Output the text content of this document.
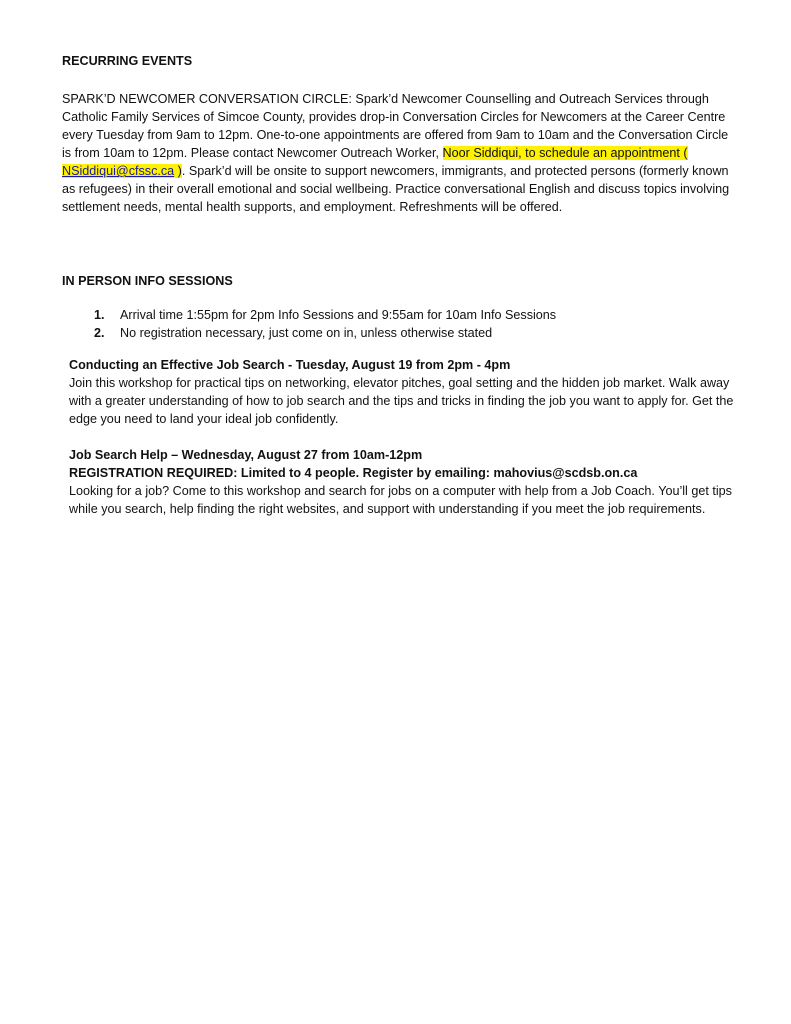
RECURRING EVENTS

SPARK’D NEWCOMER CONVERSATION CIRCLE: Spark’d Newcomer Counselling and Outreach Services through Catholic Family Services of Simcoe County, provides drop-in Conversation Circles for Newcomers at the Career Centre every Tuesday from 9am to 12pm. One-to-one appointments are offered from 9am to 10am and the Conversation Circle is from 10am to 12pm. Please contact Newcomer Outreach Worker, Noor Siddiqui, to schedule an appointment ( NSiddiqui@cfssc.ca ). Spark’d will be onsite to support newcomers, immigrants, and protected persons (formerly known as refugees) in their overall emotional and social wellbeing. Practice conversational English and discuss topics involving settlement needs, mental health supports, and employment. Refreshments will be offered.

IN PERSON INFO SESSIONS
1. Arrival time 1:55pm for 2pm Info Sessions and 9:55am for 10am Info Sessions
2. No registration necessary, just come on in, unless otherwise stated
Conducting an Effective Job Search - Tuesday, August 19 from 2pm - 4pm
Join this workshop for practical tips on networking, elevator pitches, goal setting and the hidden job market. Walk away with a greater understanding of how to job search and the tips and tricks in finding the job you want to apply for. Get the edge you need to land your ideal job confidently.
Job Search Help – Wednesday, August 27 from 10am-12pm
REGISTRATION REQUIRED: Limited to 4 people. Register by emailing: mahovius@scdsb.on.ca
Looking for a job? Come to this workshop and search for jobs on a computer with help from a Job Coach. You’ll get tips while you search, help finding the right websites, and support with understanding if you meet the job requirements.
